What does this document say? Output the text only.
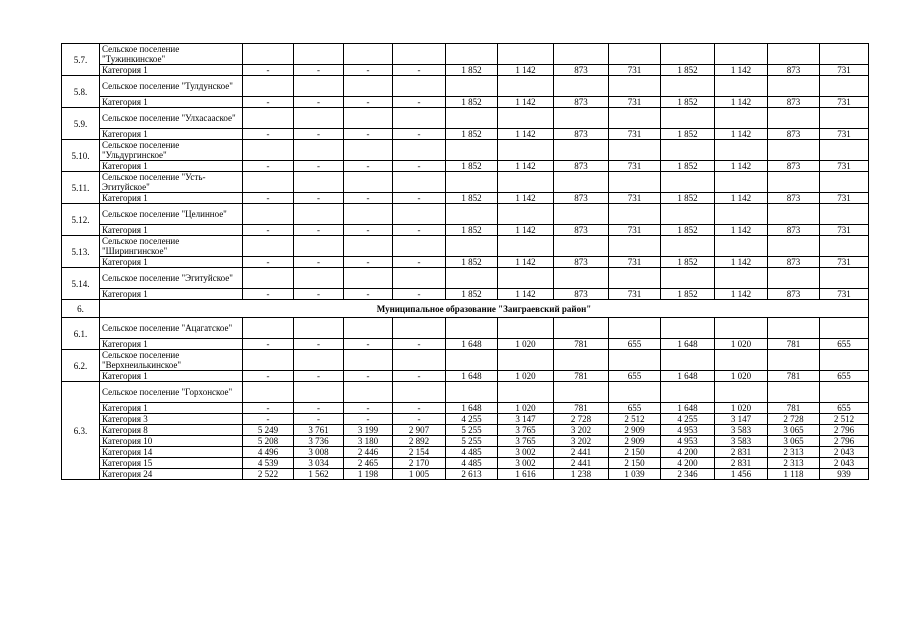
5.7.	Сельское поселение "Тужинкинское"												
	Категория 1	-	-	-	-	1 852	1 142	873	731	1 852	1 142	873	731
5.8.	Сельское поселение "Тулдунское"												
	Категория 1	-	-	-	-	1 852	1 142	873	731	1 852	1 142	873	731
5.9.	Сельское поселение "Улхасаaское"												
	Категория 1	-	-	-	-	1 852	1 142	873	731	1 852	1 142	873	731
5.10.	Сельское поселение "Ульдургинское"												
	Категория 1	-	-	-	-	1 852	1 142	873	731	1 852	1 142	873	731
5.11.	Сельское поселение "Усть-Эгитуйское"												
	Категория 1	-	-	-	-	1 852	1 142	873	731	1 852	1 142	873	731
5.12.	Сельское поселение "Целинное"												
	Категория 1	-	-	-	-	1 852	1 142	873	731	1 852	1 142	873	731
5.13.	Сельское поселение "Ширингинское"												
	Категория 1	-	-	-	-	1 852	1 142	873	731	1 852	1 142	873	731
5.14.	Сельское поселение "Эгитуйское"												
	Категория 1	-	-	-	-	1 852	1 142	873	731	1 852	1 142	873	731
6.	Муниципальное образование "Заиграевский район"												
6.1.	Сельское поселение "Ацагатское"												
	Категория 1	-	-	-	-	1 648	1 020	781	655	1 648	1 020	781	655
6.2.	Сельское поселение "Верхнеилькинское"												
	Категория 1	-	-	-	-	1 648	1 020	781	655	1 648	1 020	781	655
6.3.	Сельское поселение "Горхонское"												
	Категория 1	-	-	-	-	1 648	1 020	781	655	1 648	1 020	781	655
	Категория 3	-	-	-	-	4 255	3 147	2 728	2 512	4 255	3 147	2 728	2 512
	Категория 8	5 249	3 761	3 199	2 907	5 255	3 765	3 202	2 909	4 953	3 583	3 065	2 796
	Категория 10	5 208	3 736	3 180	2 892	5 255	3 765	3 202	2 909	4 953	3 583	3 065	2 796
	Категория 14	4 496	3 008	2 446	2 154	4 485	3 002	2 441	2 150	4 200	2 831	2 313	2 043
	Категория 15	4 539	3 034	2 465	2 170	4 485	3 002	2 441	2 150	4 200	2 831	2 313	2 043
	Категория 24	2 522	1 562	1 198	1 005	2 613	1 616	1 238	1 039	2 346	1 456	1 118	939
